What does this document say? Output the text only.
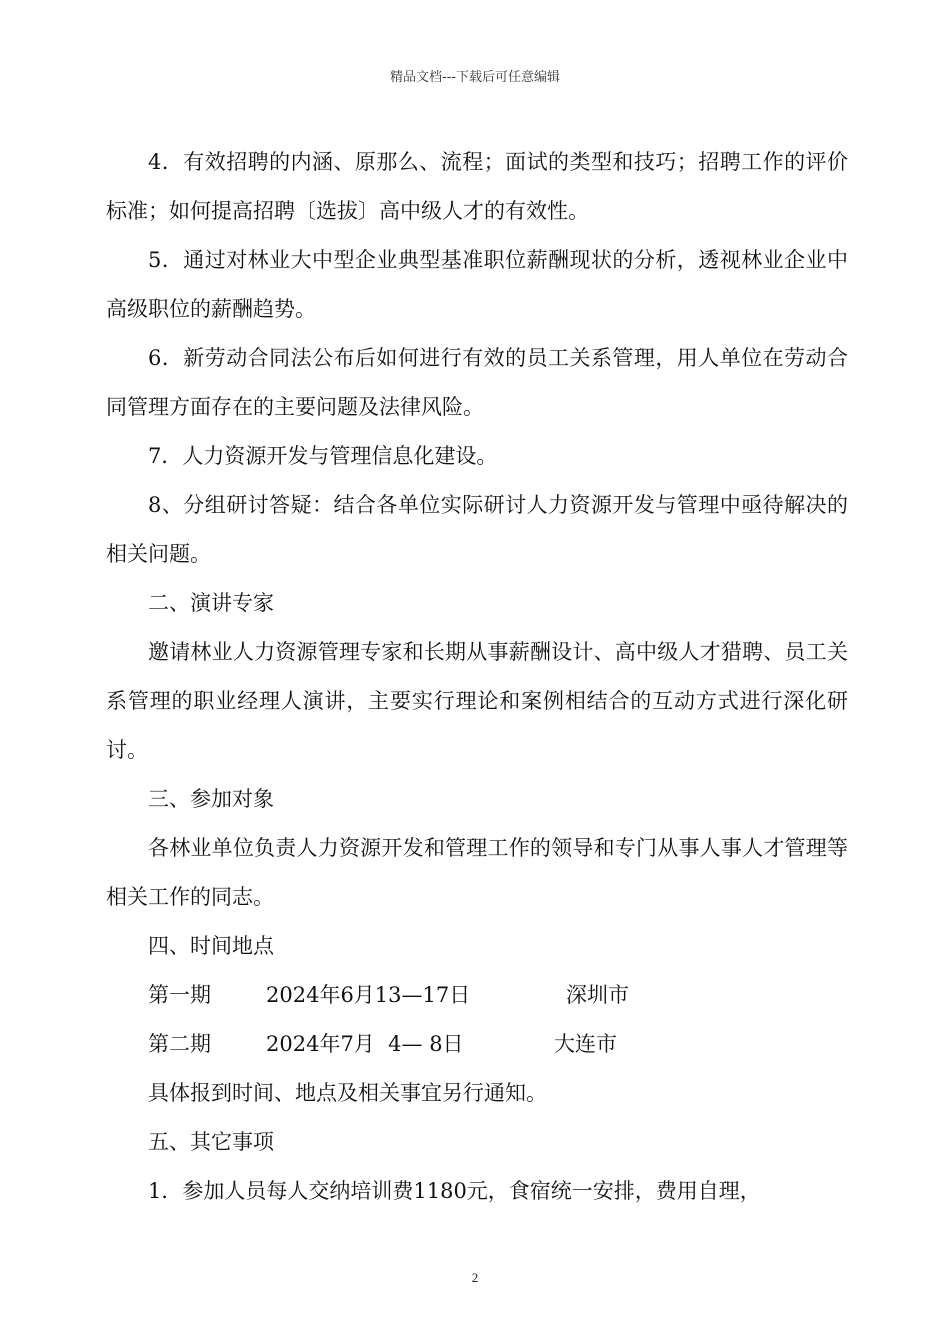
精品文档---下载后可任意编辑

4．有效招聘的内涵、原那么、流程；面试的类型和技巧；招聘工作的评价标准；如何提高招聘〔选拔〕高中级人才的有效性。

5．通过对林业大中型企业典型基准职位薪酬现状的分析，透视林业企业中高级职位的薪酬趋势。

6．新劳动合同法公布后如何进行有效的员工关系管理，用人单位在劳动合同管理方面存在的主要问题及法律风险。

7．人力资源开发与管理信息化建设。

8、分组研讨答疑：结合各单位实际研讨人力资源开发与管理中亟待解决的相关问题。

二、演讲专家

邀请林业人力资源管理专家和长期从事薪酬设计、高中级人才猎聘、员工关系管理的职业经理人演讲，主要实行理论和案例相结合的互动方式进行深化研讨。

三、参加对象

各林业单位负责人力资源开发和管理工作的领导和专门从事人事人才管理等相关工作的同志。

四、时间地点

第一期	2024年6月13—17日	深圳市
第二期	2024年7月  4— 8日	大连市

具体报到时间、地点及相关事宜另行通知。

五、其它事项

1．参加人员每人交纳培训费1180元，食宿统一安排，费用自理，

2
